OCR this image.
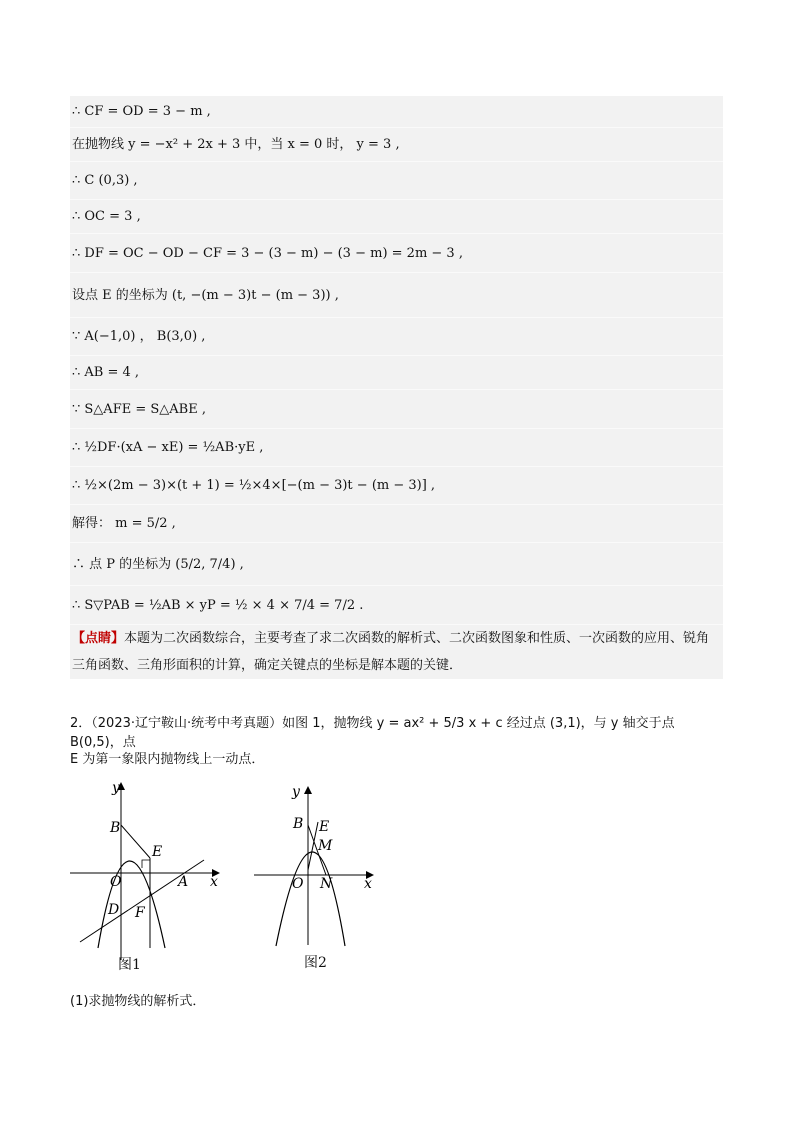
∴ CF = OD = 3 − m ,
在抛物线 y = −x² + 2x + 3 中，当 x = 0 时， y = 3 ,
∴ C (0,3) ,
∴ OC = 3 ,
∴ DF = OC − OD − CF = 3 − (3 − m) − (3 − m) = 2m − 3 ,
设点 E 的坐标为 (t, −(m − 3)t − (m − 3)) ,
∵ A(−1,0) ， B(3,0) ,
∴ AB = 4 ,
∵ S△AFE = S△ABE ,
∴ ½DF·(xA − xE) = ½AB·yE ,
∴ ½×(2m − 3)×(t + 1) = ½×4×[−(m − 3)t − (m − 3)] ,
解得： m = 5/2 ,
∴ 点 P 的坐标为 (5/2, 7/4) ,
∴ S▽PAB = ½AB × yP = ½ × 4 × 7/4 = 7/2 .
【点睛】本题为二次函数综合，主要考查了求二次函数的解析式、二次函数图象和性质、一次函数的应用、锐角三角函数、三角形面积的计算，确定关键点的坐标是解本题的关键．
2．（2023·辽宁鞍山·统考中考真题）如图 1，抛物线 y = ax² + 5/3 x + c 经过点 (3,1)，与 y 轴交于点 B(0,5)，点
E 为第一象限内抛物线上一动点．
y
x
B
E
O	A
D F
图1
y
x
B E
M
O N
图2
(1)求抛物线的解析式．
